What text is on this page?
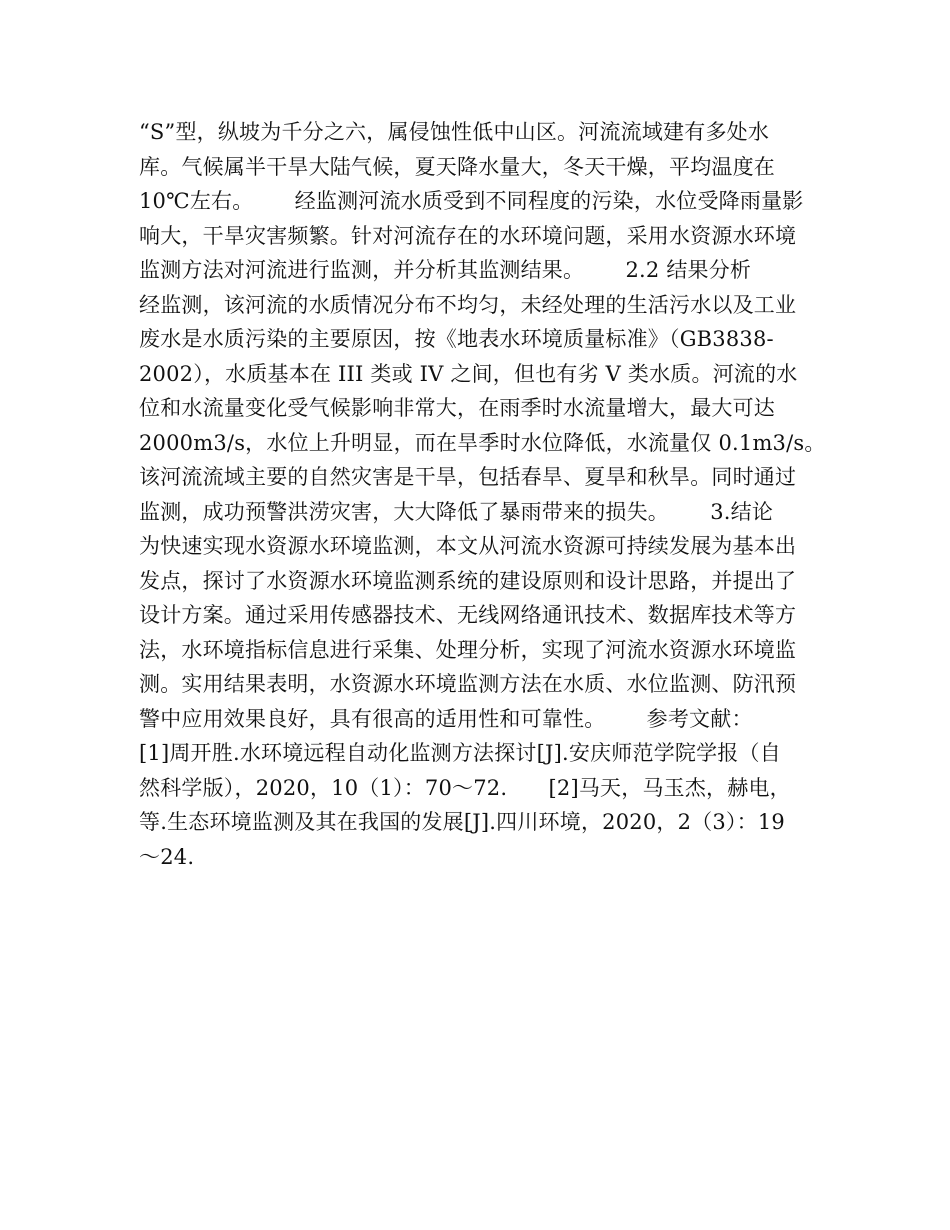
“S”型，纵坡为千分之六，属侵蚀性低中山区。河流流域建有多处水
库。气候属半干旱大陆气候，夏天降水量大，冬天干燥，平均温度在
10℃左右。      经监测河流水质受到不同程度的污染，水位受降雨量影
响大，干旱灾害频繁。针对河流存在的水环境问题，采用水资源水环境
监测方法对河流进行监测，并分析其监测结果。      2.2 结果分析
经监测，该河流的水质情况分布不均匀，未经处理的生活污水以及工业
废水是水质污染的主要原因，按《地表水环境质量标准》（GB3838-
2002），水质基本在 III 类或 IV 之间，但也有劣 V 类水质。河流的水
位和水流量变化受气候影响非常大，在雨季时水流量增大，最大可达
2000m3/s，水位上升明显，而在旱季时水位降低，水流量仅 0.1m3/s。
该河流流域主要的自然灾害是干旱，包括春旱、夏旱和秋旱。同时通过
监测，成功预警洪涝灾害，大大降低了暴雨带来的损失。      3.结论
为快速实现水资源水环境监测，本文从河流水资源可持续发展为基本出
发点，探讨了水资源水环境监测系统的建设原则和设计思路，并提出了
设计方案。通过采用传感器技术、无线网络通讯技术、数据库技术等方
法，水环境指标信息进行采集、处理分析，实现了河流水资源水环境监
测。实用结果表明，水资源水环境监测方法在水质、水位监测、防汛预
警中应用效果良好，具有很高的适用性和可靠性。      参考文献：
[1]周开胜.水环境远程自动化监测方法探讨[J].安庆师范学院学报（自
然科学版），2020，10（1）：70～72.      [2]马天，马玉杰，赫电，
等.生态环境监测及其在我国的发展[J].四川环境，2020，2（3）：19
～24.
